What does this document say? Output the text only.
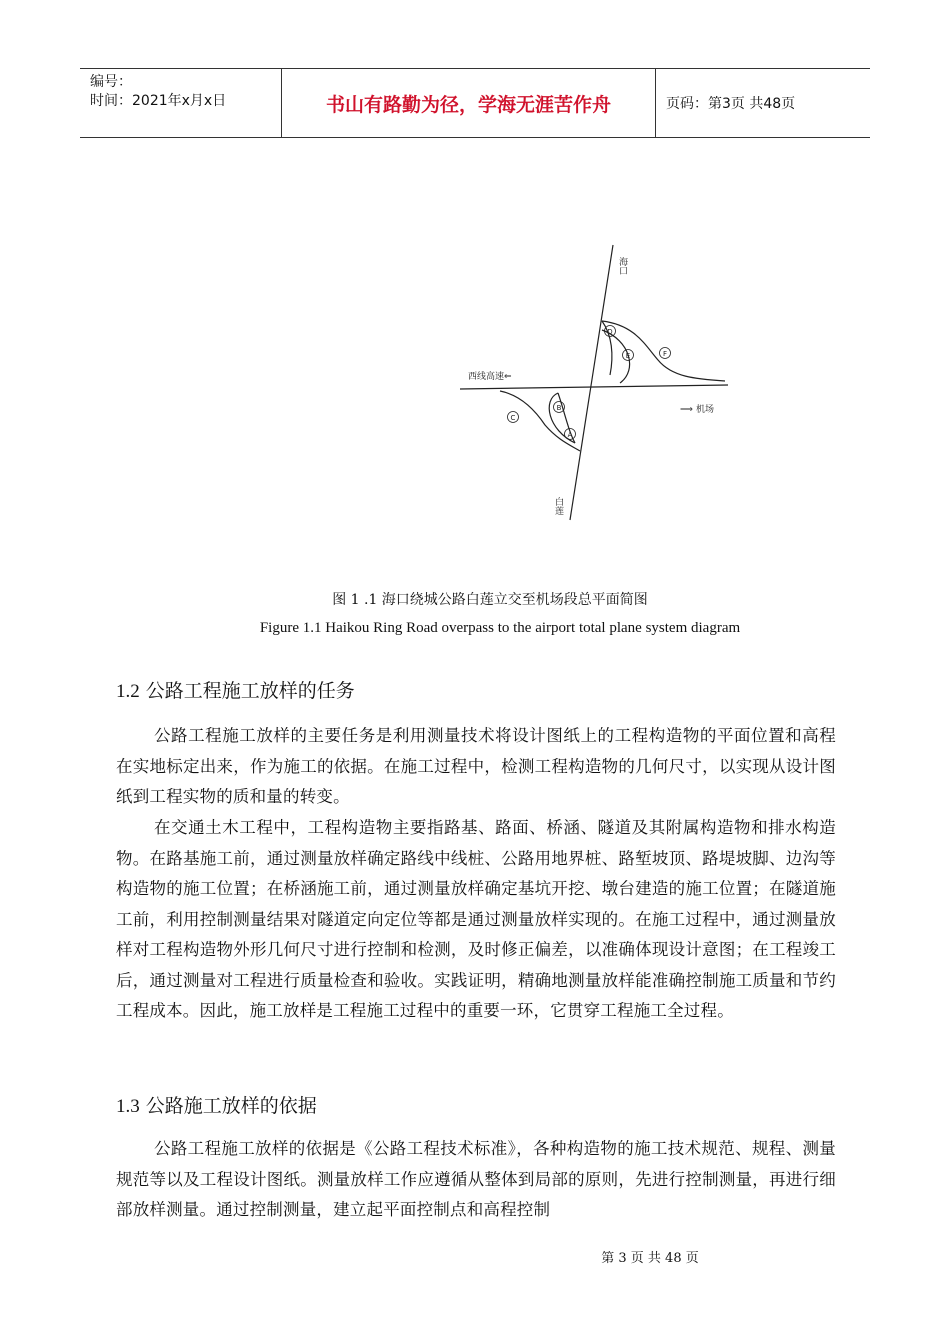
编号：
时间：2021年x月x日	书山有路勤为径，学海无涯苦作舟	页码：第3页 共48页
D
E	F
A
B
C
海口
西线高速 ⇐
⟹ 机场
白莲
图 1 .1 海口绕城公路白莲立交至机场段总平面简图
Figure 1.1 Haikou Ring Road overpass to the airport total plane system diagram
1.2 公路工程施工放样的任务

公路工程施工放样的主要任务是利用测量技术将设计图纸上的工程构造物的平面位置和高程在实地标定出来，作为施工的依据。在施工过程中，检测工程构造物的几何尺寸，以实现从设计图纸到工程实物的质和量的转变。

在交通土木工程中，工程构造物主要指路基、路面、桥涵、隧道及其附属构造物和排水构造物。在路基施工前，通过测量放样确定路线中线桩、公路用地界桩、路堑坡顶、路堤坡脚、边沟等构造物的施工位置；在桥涵施工前，通过测量放样确定基坑开挖、墩台建造的施工位置；在隧道施工前，利用控制测量结果对隧道定向定位等都是通过测量放样实现的。在施工过程中，通过测量放样对工程构造物外形几何尺寸进行控制和检测，及时修正偏差，以准确体现设计意图；在工程竣工后，通过测量对工程进行质量检查和验收。实践证明，精确地测量放样能准确控制施工质量和节约工程成本。因此，施工放样是工程施工过程中的重要一环，它贯穿工程施工全过程。

1.3 公路施工放样的依据

公路工程施工放样的依据是《公路工程技术标准》，各种构造物的施工技术规范、规程、测量规范等以及工程设计图纸。测量放样工作应遵循从整体到局部的原则，先进行控制测量，再进行细部放样测量。通过控制测量，建立起平面控制点和高程控制

第 3 页 共 48 页
